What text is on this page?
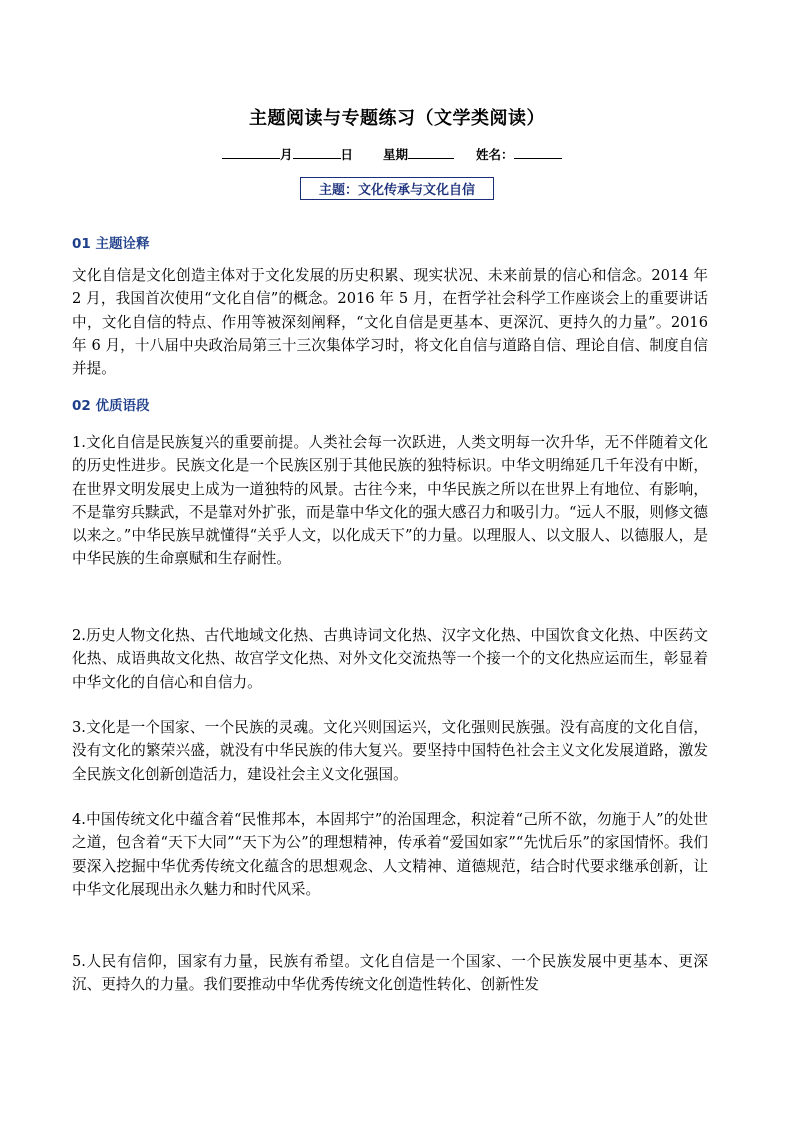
主题阅读与专题练习（文学类阅读）
月	日 星期	姓名：
主题：文化传承与文化自信
01 主题诠释

文化自信是文化创造主体对于文化发展的历史积累、现实状况、未来前景的信心和信念。2014 年 2 月，我国首次使用“文化自信”的概念。2016 年 5 月，在哲学社会科学工作座谈会上的重要讲话中，文化自信的特点、作用等被深刻阐释，“文化自信是更基本、更深沉、更持久的力量”。2016 年 6 月，十八届中央政治局第三十三次集体学习时，将文化自信与道路自信、理论自信、制度自信并提。

02 优质语段

1.文化自信是民族复兴的重要前提。人类社会每一次跃进，人类文明每一次升华，无不伴随着文化的历史性进步。民族文化是一个民族区别于其他民族的独特标识。中华文明绵延几千年没有中断，在世界文明发展史上成为一道独特的风景。古往今来，中华民族之所以在世界上有地位、有影响，不是靠穷兵黩武，不是靠对外扩张，而是靠中华文化的强大感召力和吸引力。“远人不服，则修文德以来之。”中华民族早就懂得“关乎人文，以化成天下”的力量。以理服人、以文服人、以德服人，是中华民族的生命禀赋和生存耐性。

2.历史人物文化热、古代地域文化热、古典诗词文化热、汉字文化热、中国饮食文化热、中医药文化热、成语典故文化热、故宫学文化热、对外文化交流热等一个接一个的文化热应运而生，彰显着中华文化的自信心和自信力。

3.文化是一个国家、一个民族的灵魂。文化兴则国运兴，文化强则民族强。没有高度的文化自信，没有文化的繁荣兴盛，就没有中华民族的伟大复兴。要坚持中国特色社会主义文化发展道路，激发全民族文化创新创造活力，建设社会主义文化强国。

4.中国传统文化中蕴含着“民惟邦本，本固邦宁”的治国理念，积淀着“己所不欲，勿施于人”的处世之道，包含着“天下大同”“天下为公”的理想精神，传承着“爱国如家”“先忧后乐”的家国情怀。我们要深入挖掘中华优秀传统文化蕴含的思想观念、人文精神、道德规范，结合时代要求继承创新，让中华文化展现出永久魅力和时代风采。

5.人民有信仰，国家有力量，民族有希望。文化自信是一个国家、一个民族发展中更基本、更深沉、更持久的力量。我们要推动中华优秀传统文化创造性转化、创新性发
